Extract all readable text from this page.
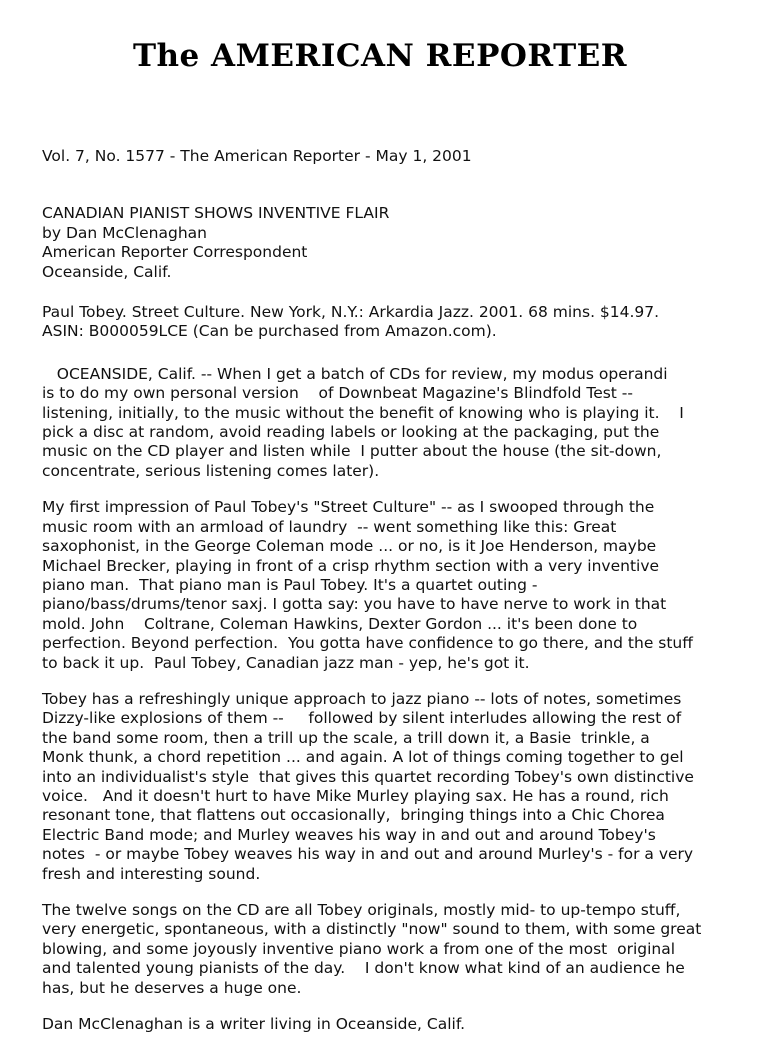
The AMERICAN REPORTER
Vol. 7, No. 1577 - The American Reporter - May 1, 2001
CANADIAN PIANIST SHOWS INVENTIVE FLAIR
by Dan McClenaghan
American Reporter Correspondent
Oceanside, Calif.
Paul Tobey. Street Culture. New York, N.Y.: Arkardia Jazz. 2001. 68 mins. $14.97.
ASIN: B000059LCE (Can be purchased from Amazon.com).
OCEANSIDE, Calif. -- When I get a batch of CDs for review, my modus operandi
is to do my own personal version    of Downbeat Magazine's Blindfold Test --
listening, initially, to the music without the benefit of knowing who is playing it.    I
pick a disc at random, avoid reading labels or looking at the packaging, put the
music on the CD player and listen while  I putter about the house (the sit-down,
concentrate, serious listening comes later).
My first impression of Paul Tobey's "Street Culture" -- as I swooped through the
music room with an armload of laundry  -- went something like this: Great
saxophonist, in the George Coleman mode ... or no, is it Joe Henderson, maybe
Michael Brecker, playing in front of a crisp rhythm section with a very inventive
piano man.  That piano man is Paul Tobey. It's a quartet outing -
piano/bass/drums/tenor saxj. I gotta say: you have to have nerve to work in that
mold. John    Coltrane, Coleman Hawkins, Dexter Gordon ... it's been done to
perfection. Beyond perfection.  You gotta have confidence to go there, and the stuff
to back it up.  Paul Tobey, Canadian jazz man - yep, he's got it.
Tobey has a refreshingly unique approach to jazz piano -- lots of notes, sometimes
Dizzy-like explosions of them --     followed by silent interludes allowing the rest of
the band some room, then a trill up the scale, a trill down it, a Basie  trinkle, a
Monk thunk, a chord repetition ... and again. A lot of things coming together to gel
into an individualist's style  that gives this quartet recording Tobey's own distinctive
voice.   And it doesn't hurt to have Mike Murley playing sax. He has a round, rich
resonant tone, that flattens out occasionally,  bringing things into a Chic Chorea
Electric Band mode; and Murley weaves his way in and out and around Tobey's
notes  - or maybe Tobey weaves his way in and out and around Murley's - for a very
fresh and interesting sound.
The twelve songs on the CD are all Tobey originals, mostly mid- to up-tempo stuff,
very energetic, spontaneous, with a distinctly "now" sound to them, with some great
blowing, and some joyously inventive piano work a from one of the most  original
and talented young pianists of the day.    I don't know what kind of an audience he
has, but he deserves a huge one.
Dan McClenaghan is a writer living in Oceanside, Calif.
